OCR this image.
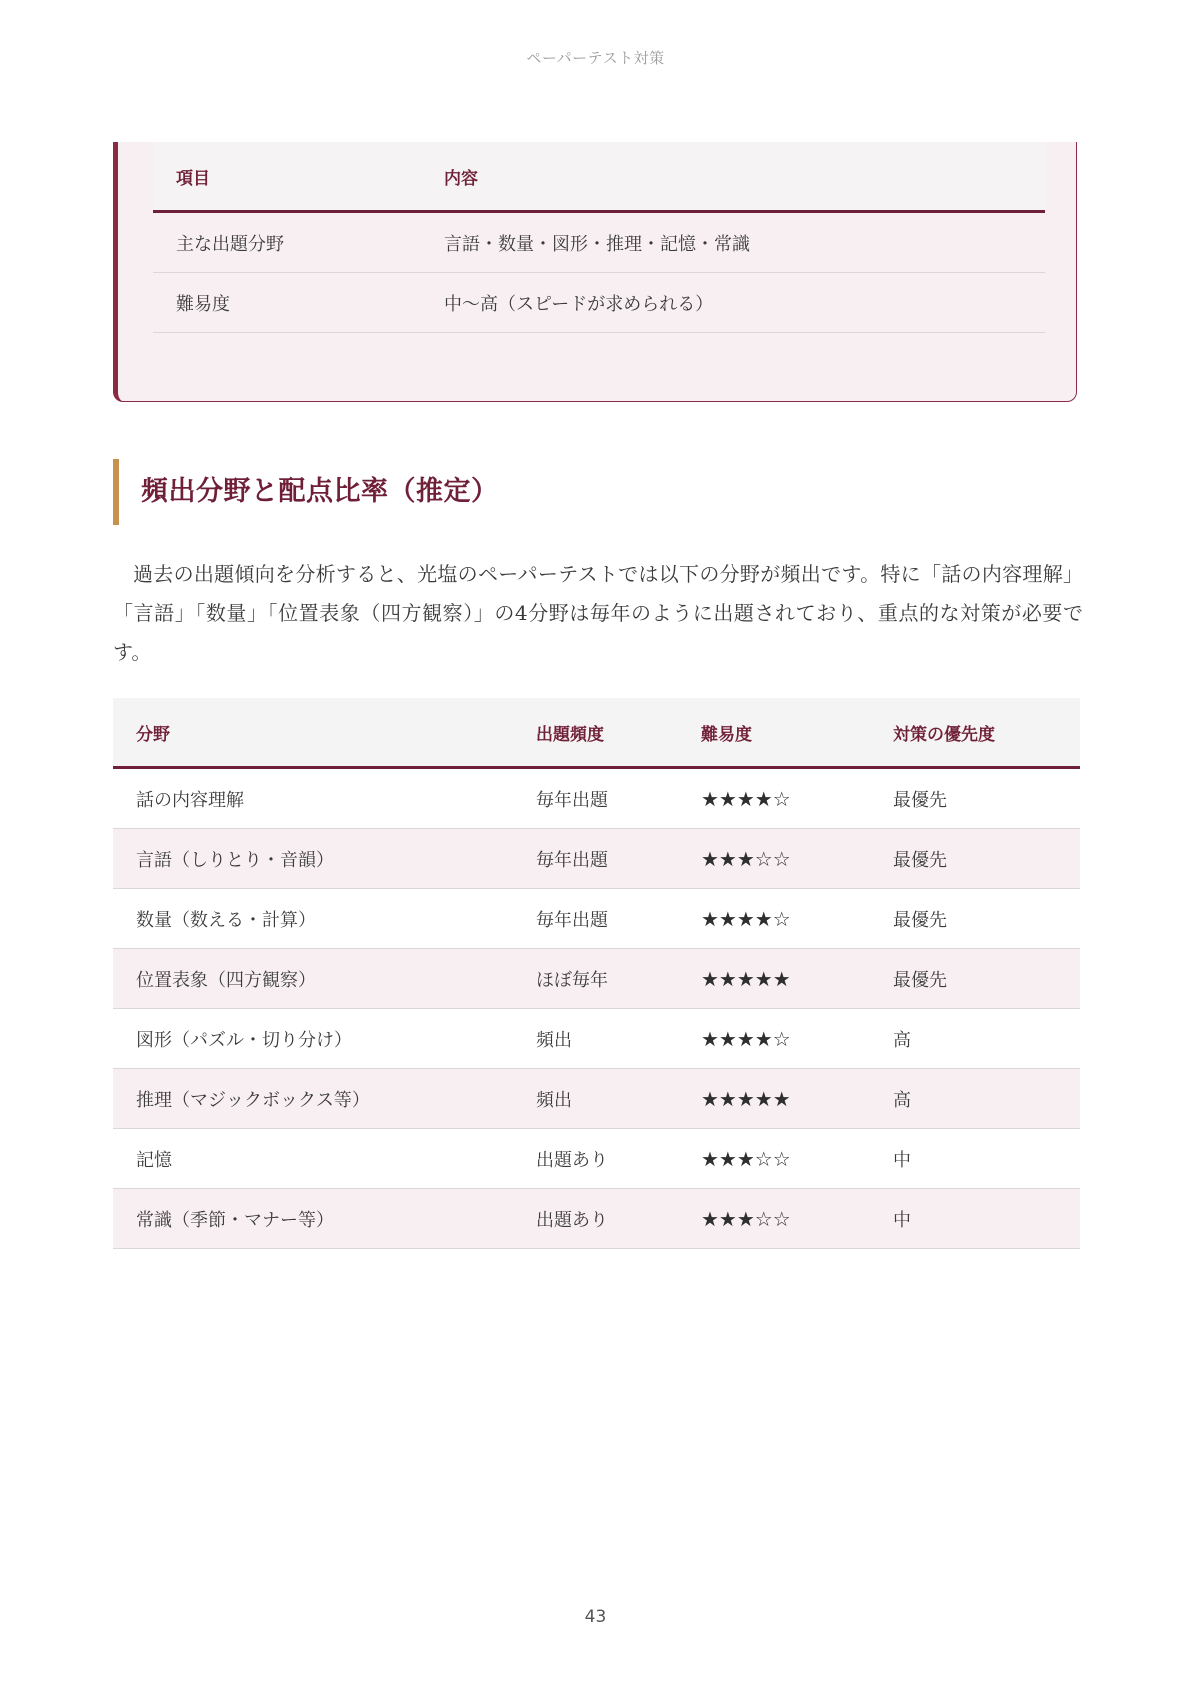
ペーパーテスト対策
項目	内容
主な出題分野	言語・数量・図形・推理・記憶・常識
難易度	中〜高（スピードが求められる）
頻出分野と配点比率（推定）

過去の出題傾向を分析すると、光塩のペーパーテストでは以下の分野が頻出です。特に「話の内容理解」「言語」「数量」「位置表象（四方観察）」の4分野は毎年のように出題されており、重点的な対策が必要です。

分野	出題頻度	難易度	対策の優先度
話の内容理解	毎年出題	★★★★☆	最優先
言語（しりとり・音韻）	毎年出題	★★★☆☆	最優先
数量（数える・計算）	毎年出題	★★★★☆	最優先
位置表象（四方観察）	ほぼ毎年	★★★★★	最優先
図形（パズル・切り分け）	頻出	★★★★☆	高
推理（マジックボックス等）	頻出	★★★★★	高
記憶	出題あり	★★★☆☆	中
常識（季節・マナー等）	出題あり	★★★☆☆	中
43
